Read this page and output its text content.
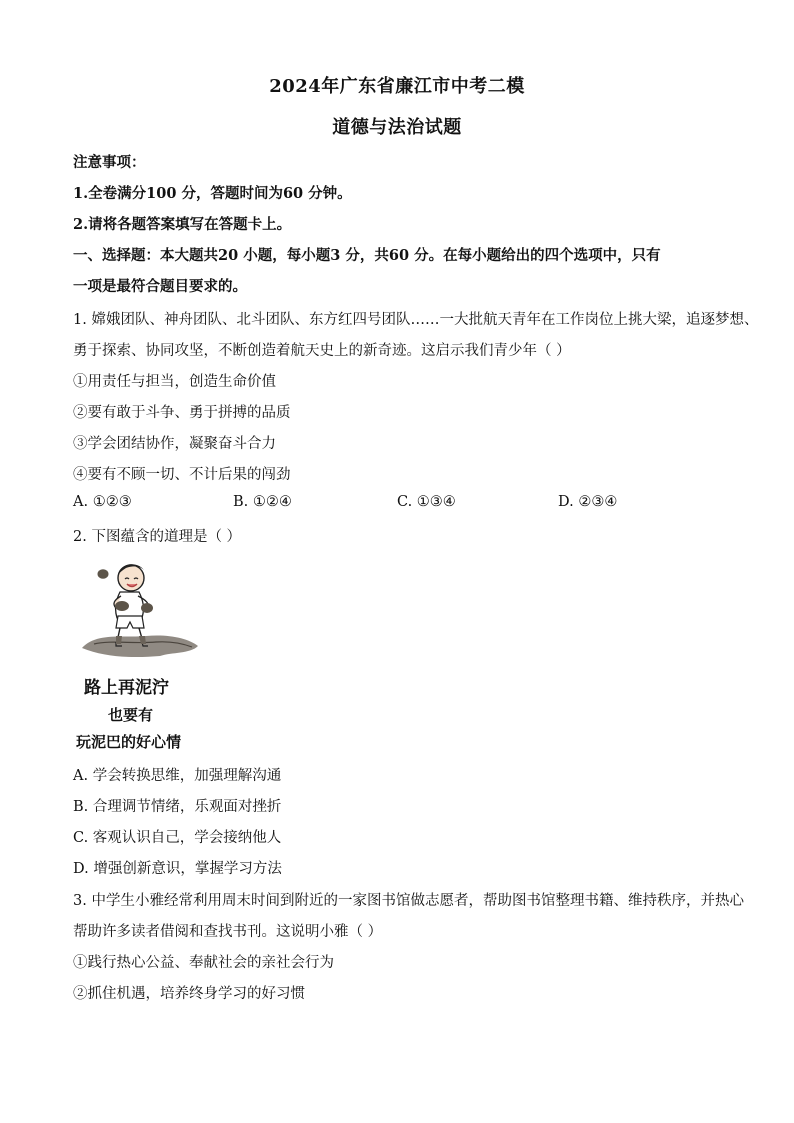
2024年广东省廉江市中考二模
道德与法治试题
注意事项：
1.全卷满分100 分，答题时间为60 分钟。
2.请将各题答案填写在答题卡上。
一、选择题：本大题共20 小题，每小题3 分，共60 分。在每小题给出的四个选项中，只有
一项是最符合题目要求的。
1. 嫦娥团队、神舟团队、北斗团队、东方红四号团队……一大批航天青年在工作岗位上挑大梁，追逐梦想、
勇于探索、协同攻坚，不断创造着航天史上的新奇迹。这启示我们青少年（ ）
①用责任与担当，创造生命价值
②要有敢于斗争、勇于拼搏的品质
③学会团结协作，凝聚奋斗合力
④要有不顾一切、不计后果的闯劲
A. ①②③	B. ①②④	C. ①③④	D. ②③④
2. 下图蕴含的道理是（ ）
路上再泥泞
也要有
玩泥巴的好心情
A. 学会转换思维，加强理解沟通
B. 合理调节情绪，乐观面对挫折
C. 客观认识自己，学会接纳他人
D. 增强创新意识，掌握学习方法
3. 中学生小雅经常利用周末时间到附近的一家图书馆做志愿者，帮助图书馆整理书籍、维持秩序，并热心
帮助许多读者借阅和查找书刊。这说明小雅（ ）
①践行热心公益、奉献社会的亲社会行为
②抓住机遇，培养终身学习的好习惯
